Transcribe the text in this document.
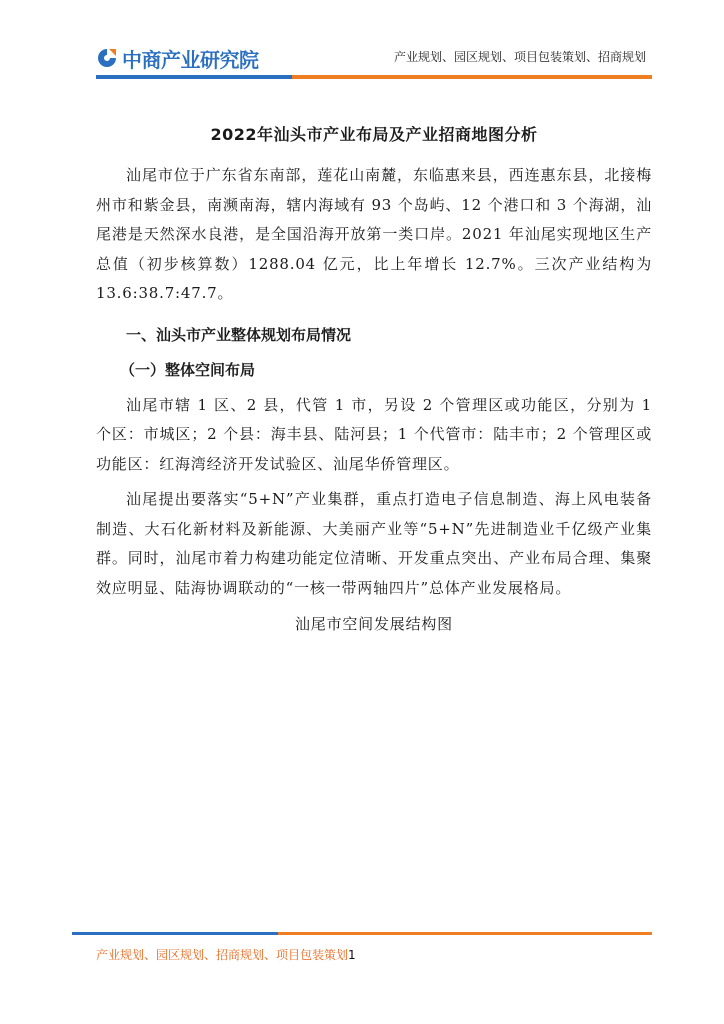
中商产业研究院	产业规划、园区规划、项目包装策划、招商规划
2022年汕头市产业布局及产业招商地图分析

汕尾市位于广东省东南部，莲花山南麓，东临惠来县，西连惠东县，北接梅州市和紫金县，南濒南海，辖内海域有 93 个岛屿、12 个港口和 3 个海湖，汕尾港是天然深水良港，是全国沿海开放第一类口岸。2021 年汕尾实现地区生产总值（初步核算数）1288.04 亿元，比上年增长 12.7%。三次产业结构为 13.6:38.7:47.7。

一、汕头市产业整体规划布局情况
（一）整体空间布局

汕尾市辖 1 区、2 县，代管 1 市，另设 2 个管理区或功能区，分别为 1 个区：市城区；2 个县：海丰县、陆河县；1 个代管市：陆丰市；2 个管理区或功能区：红海湾经济开发试验区、汕尾华侨管理区。

汕尾提出要落实“5+N”产业集群，重点打造电子信息制造、海上风电装备制造、大石化新材料及新能源、大美丽产业等“5+N”先进制造业千亿级产业集群。同时，汕尾市着力构建功能定位清晰、开发重点突出、产业布局合理、集聚效应明显、陆海协调联动的“一核一带两轴四片”总体产业发展格局。

汕尾市空间发展结构图
产业规划、园区规划、招商规划、项目包装策划1
